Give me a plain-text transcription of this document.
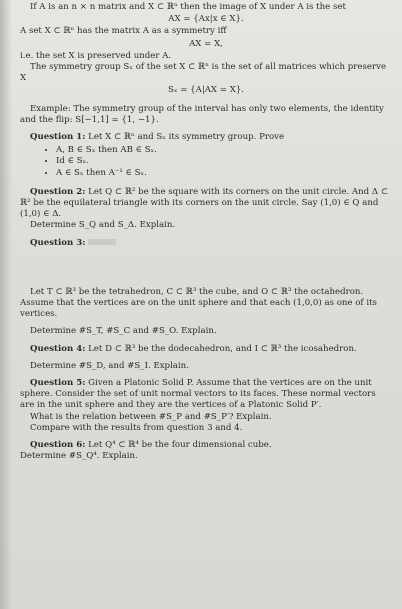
If A is an n × n matrix and X ⊂ ℝⁿ then the image of X under A is the set

AX = {Ax|x ∈ X}.

A set X ⊂ ℝⁿ has the matrix A as a symmetry iff

AX = X,

i.e. the set X is preserved under A.

The symmetry group Sₓ of the set X ⊂ ℝⁿ is the set of all matrices which preserve X

Sₓ = {A|AX = X}.

Example: The symmetry group of the interval has only two elements, the identity and the flip: S[−1,1] = {1, −1}.

Question 1: Let X ⊂ ℝⁿ and Sₓ its symmetry group. Prove

• A, B ∈ Sₓ then AB ∈ Sₓ.
• Id ∈ Sₓ.
• A ∈ Sₓ then A⁻¹ ∈ Sₓ.

Question 2: Let Q ⊂ ℝ² be the square with its corners on the unit circle. And Δ ⊂ ℝ² be the equilateral triangle with its corners on the unit circle. Say (1,0) ∈ Q and (1,0) ∈ Δ.

Determine S_Q and S_Δ. Explain.

Question 3:

Let T ⊂ ℝ³ be the tetrahedron, C ⊂ ℝ³ the cube, and O ⊂ ℝ³ the octahedron. Assume that the vertices are on the unit sphere and that each (1,0,0) as one of its vertices.

Determine #S_T, #S_C and #S_O. Explain.

Question 4: Let D ⊂ ℝ³ be the dodecahedron, and I ⊂ ℝ³ the icosahedron.

Determine #S_D, and #S_I. Explain.

Question 5: Given a Platonic Solid P. Assume that the vertices are on the unit sphere. Consider the set of unit normal vectors to its faces. These normal vectors are in the unit sphere and they are the vertices of a Platonic Solid P′.

What is the relation between #S_P and #S_P′? Explain.

Compare with the results from question 3 and 4.

Question 6: Let Q⁴ ⊂ ℝ⁴ be the four dimensional cube.

Determine #S_Q⁴. Explain.
